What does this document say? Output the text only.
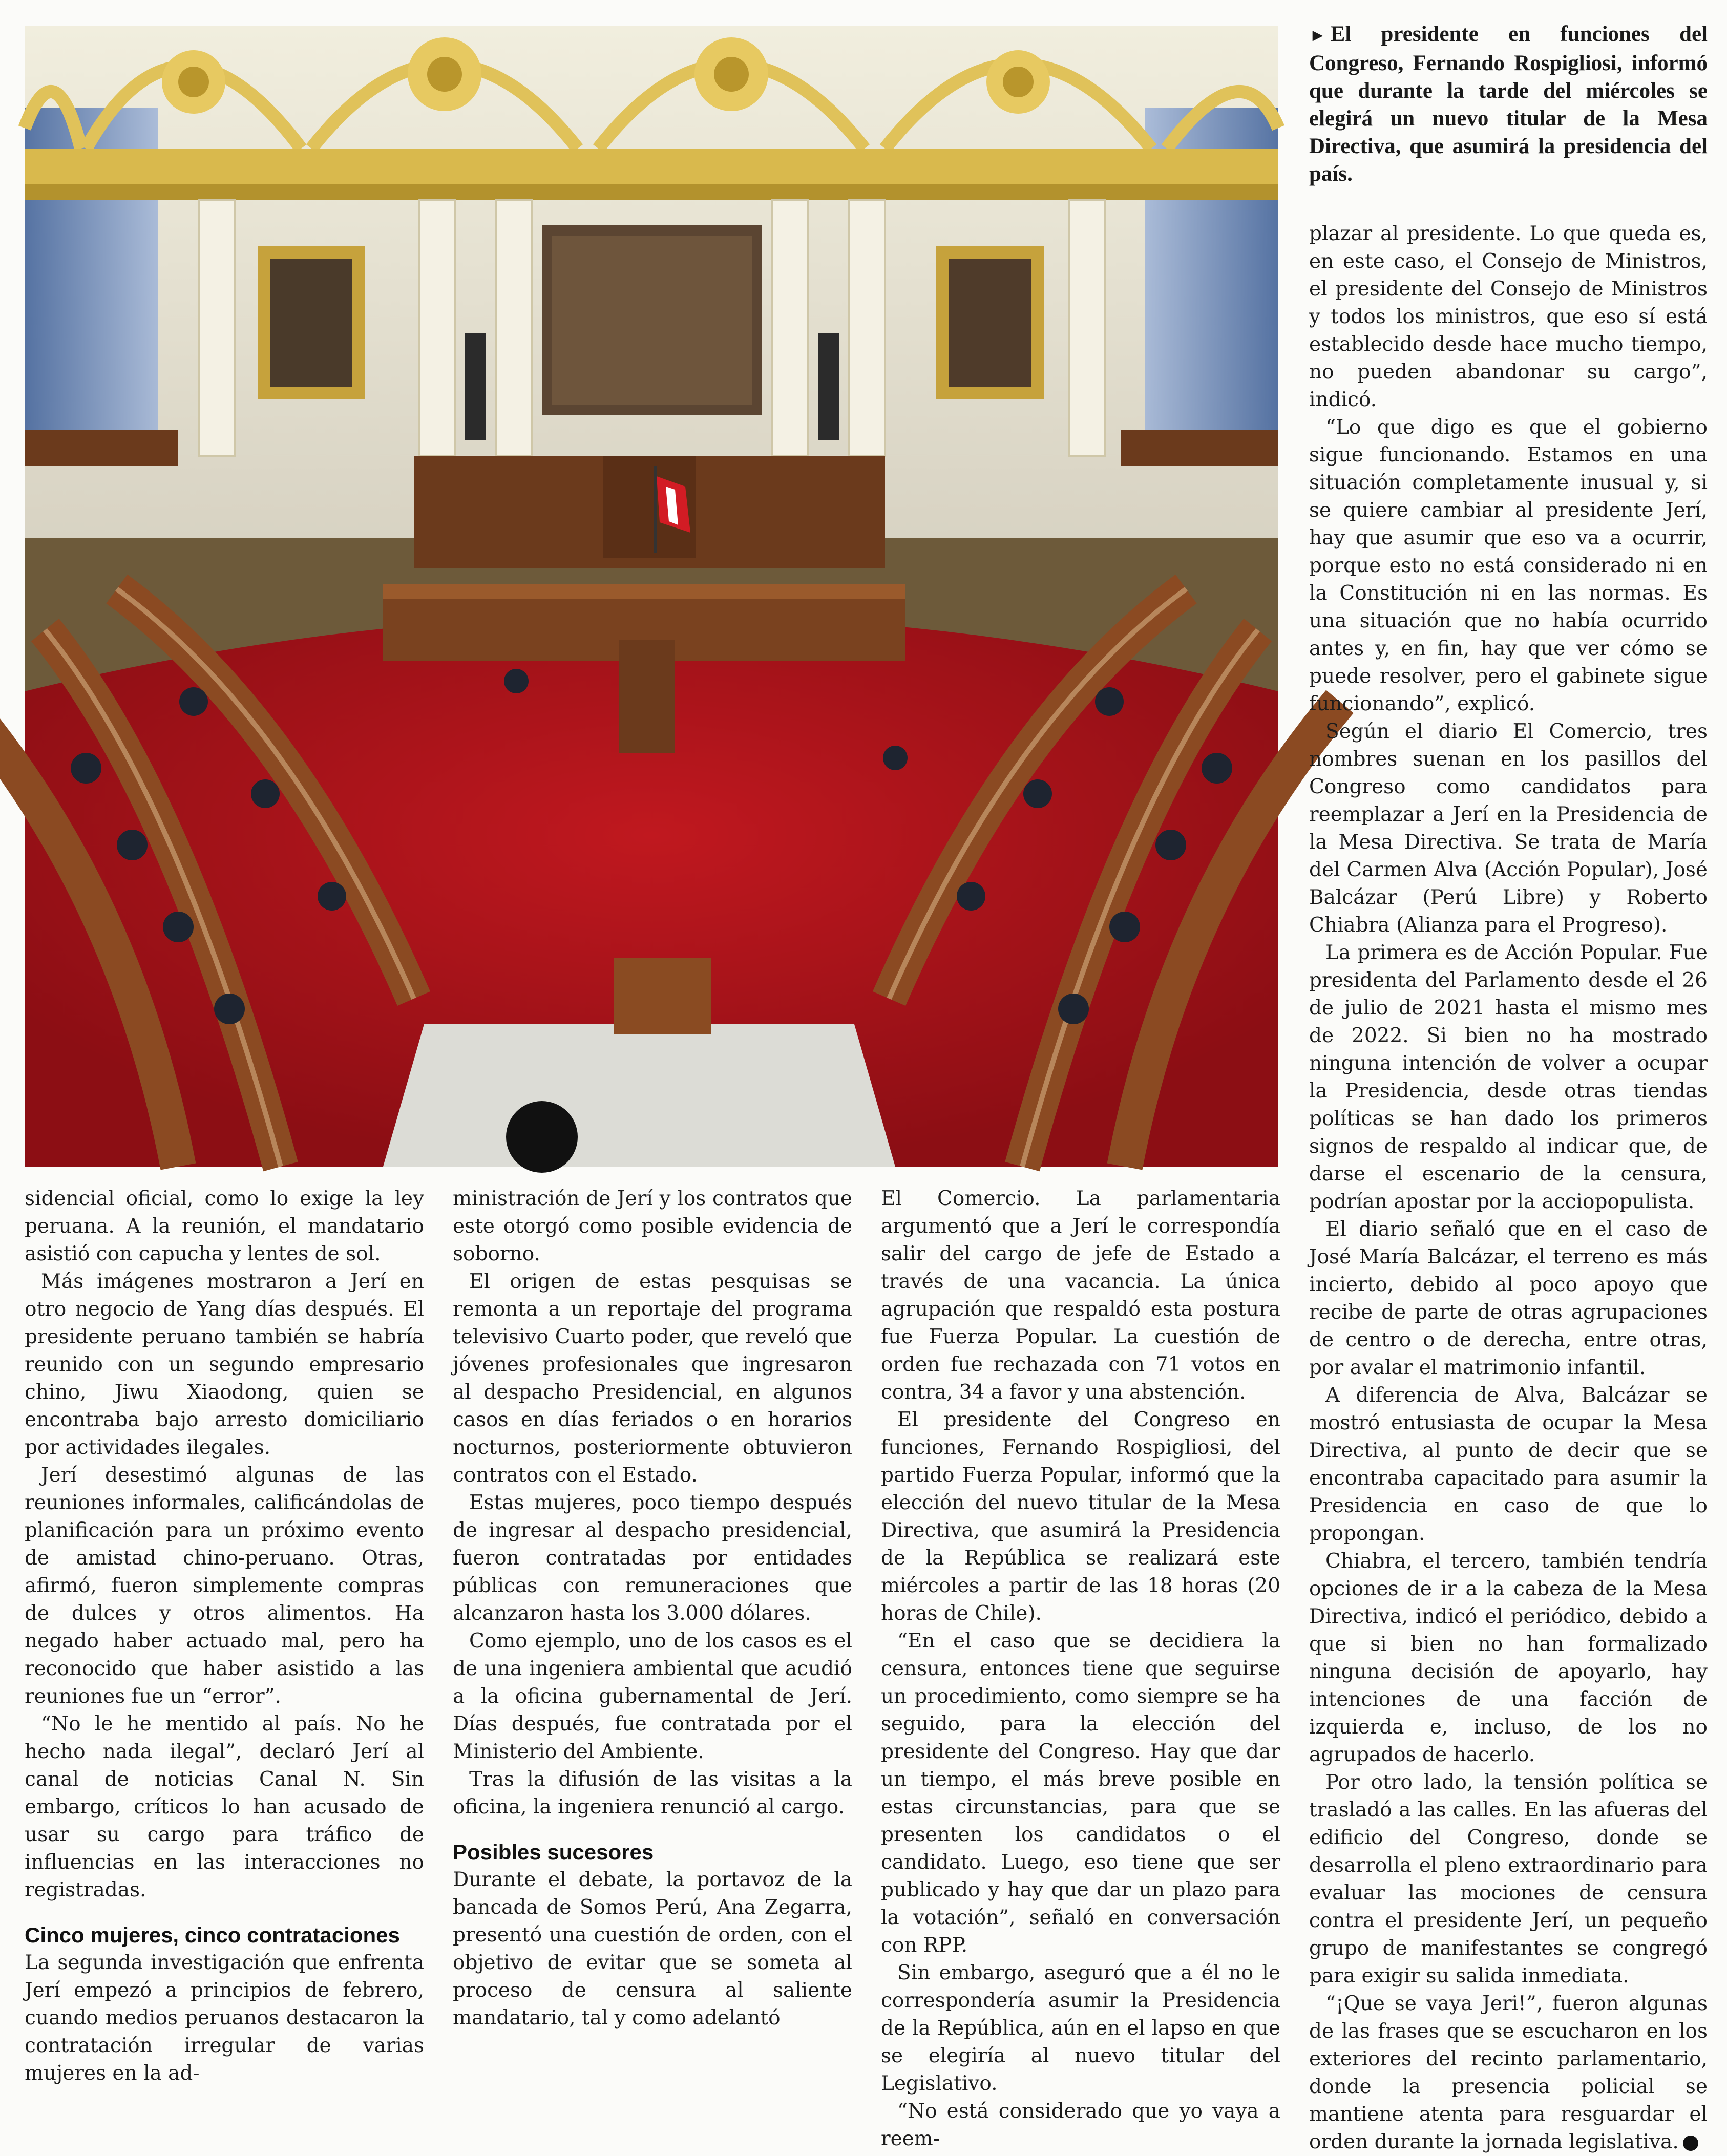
► El presidente en funciones del Congreso, Fernando Rospigliosi, informó que durante la tarde del miércoles se elegirá un nuevo titular de la Mesa Directiva, que asumirá la presidencia del país.

sidencial oficial, como lo exige la ley peruana. A la reunión, el mandatario asistió con capucha y lentes de sol.

Más imágenes mostraron a Jerí en otro negocio de Yang días después. El presidente peruano también se habría reunido con un segundo empresario chino, Jiwu Xiaodong, quien se encontraba bajo arresto domiciliario por actividades ilegales.

Jerí desestimó algunas de las reuniones informales, calificándolas de planificación para un próximo evento de amistad chino-peruano. Otras, afirmó, fueron simplemente compras de dulces y otros alimentos. Ha negado haber actuado mal, pero ha reconocido que haber asistido a las reuniones fue un “error”.

“No le he mentido al país. No he hecho nada ilegal”, declaró Jerí al canal de noticias Canal N. Sin embargo, críticos lo han acusado de usar su cargo para tráfico de influencias en las interacciones no registradas.

Cinco mujeres, cinco contrataciones

La segunda investigación que enfrenta Jerí empezó a principios de febrero, cuando medios peruanos destacaron la contratación irregular de varias mujeres en la ad-

ministración de Jerí y los contratos que este otorgó como posible evidencia de soborno.

El origen de estas pesquisas se remonta a un reportaje del programa televisivo Cuarto poder, que reveló que jóvenes profesionales que ingresaron al despacho Presidencial, en algunos casos en días feriados o en horarios nocturnos, posteriormente obtuvieron contratos con el Estado.

Estas mujeres, poco tiempo después de ingresar al despacho presidencial, fueron contratadas por entidades públicas con remuneraciones que alcanzaron hasta los 3.000 dólares.

Como ejemplo, uno de los casos es el de una ingeniera ambiental que acudió a la oficina gubernamental de Jerí. Días después, fue contratada por el Ministerio del Ambiente.

Tras la difusión de las visitas a la oficina, la ingeniera renunció al cargo.

Posibles sucesores

Durante el debate, la portavoz de la bancada de Somos Perú, Ana Zegarra, presentó una cuestión de orden, con el objetivo de evitar que se someta al proceso de censura al saliente mandatario, tal y como adelantó

El Comercio. La parlamentaria argumentó que a Jerí le correspondía salir del cargo de jefe de Estado a través de una vacancia. La única agrupación que respaldó esta postura fue Fuerza Popular. La cuestión de orden fue rechazada con 71 votos en contra, 34 a favor y una abstención.

El presidente del Congreso en funciones, Fernando Rospigliosi, del partido Fuerza Popular, informó que la elección del nuevo titular de la Mesa Directiva, que asumirá la Presidencia de la República se realizará este miércoles a partir de las 18 horas (20 horas de Chile).

“En el caso que se decidiera la censura, entonces tiene que seguirse un procedimiento, como siempre se ha seguido, para la elección del presidente del Congreso. Hay que dar un tiempo, el más breve posible en estas circunstancias, para que se presenten los candidatos o el candidato. Luego, eso tiene que ser publicado y hay que dar un plazo para la votación”, señaló en conversación con RPP.

Sin embargo, aseguró que a él no le correspondería asumir la Presidencia de la República, aún en el lapso en que se elegiría al nuevo titular del Legislativo.

“No está considerado que yo vaya a reem-

plazar al presidente. Lo que queda es, en este caso, el Consejo de Ministros, el presidente del Consejo de Ministros y todos los ministros, que eso sí está establecido desde hace mucho tiempo, no pueden abandonar su cargo”, indicó.

“Lo que digo es que el gobierno sigue funcionando. Estamos en una situación completamente inusual y, si se quiere cambiar al presidente Jerí, hay que asumir que eso va a ocurrir, porque esto no está considerado ni en la Constitución ni en las normas. Es una situación que no había ocurrido antes y, en fin, hay que ver cómo se puede resolver, pero el gabinete sigue funcionando”, explicó.

Según el diario El Comercio, tres nombres suenan en los pasillos del Congreso como candidatos para reemplazar a Jerí en la Presidencia de la Mesa Directiva. Se trata de María del Carmen Alva (Acción Popular), José Balcázar (Perú Libre) y Roberto Chiabra (Alianza para el Progreso).

La primera es de Acción Popular. Fue presidenta del Parlamento desde el 26 de julio de 2021 hasta el mismo mes de 2022. Si bien no ha mostrado ninguna intención de volver a ocupar la Presidencia, desde otras tiendas políticas se han dado los primeros signos de respaldo al indicar que, de darse el escenario de la censura, podrían apostar por la acciopopulista.

El diario señaló que en el caso de José María Balcázar, el terreno es más incierto, debido al poco apoyo que recibe de parte de otras agrupaciones de centro o de derecha, entre otras, por avalar el matrimonio infantil.

A diferencia de Alva, Balcázar se mostró entusiasta de ocupar la Mesa Directiva, al punto de decir que se encontraba capacitado para asumir la Presidencia en caso de que lo propongan.

Chiabra, el tercero, también tendría opciones de ir a la cabeza de la Mesa Directiva, indicó el periódico, debido a que si bien no han formalizado ninguna decisión de apoyarlo, hay intenciones de una facción de izquierda e, incluso, de los no agrupados de hacerlo.

Por otro lado, la tensión política se trasladó a las calles. En las afueras del edificio del Congreso, donde se desarrolla el pleno extraordinario para evaluar las mociones de censura contra el presidente Jerí, un pequeño grupo de manifestantes se congregó para exigir su salida inmediata.

“¡Que se vaya Jeri!”, fueron algunas de las frases que se escucharon en los exteriores del recinto parlamentario, donde la presencia policial se mantiene atenta para resguardar el orden durante la jornada legislativa.
